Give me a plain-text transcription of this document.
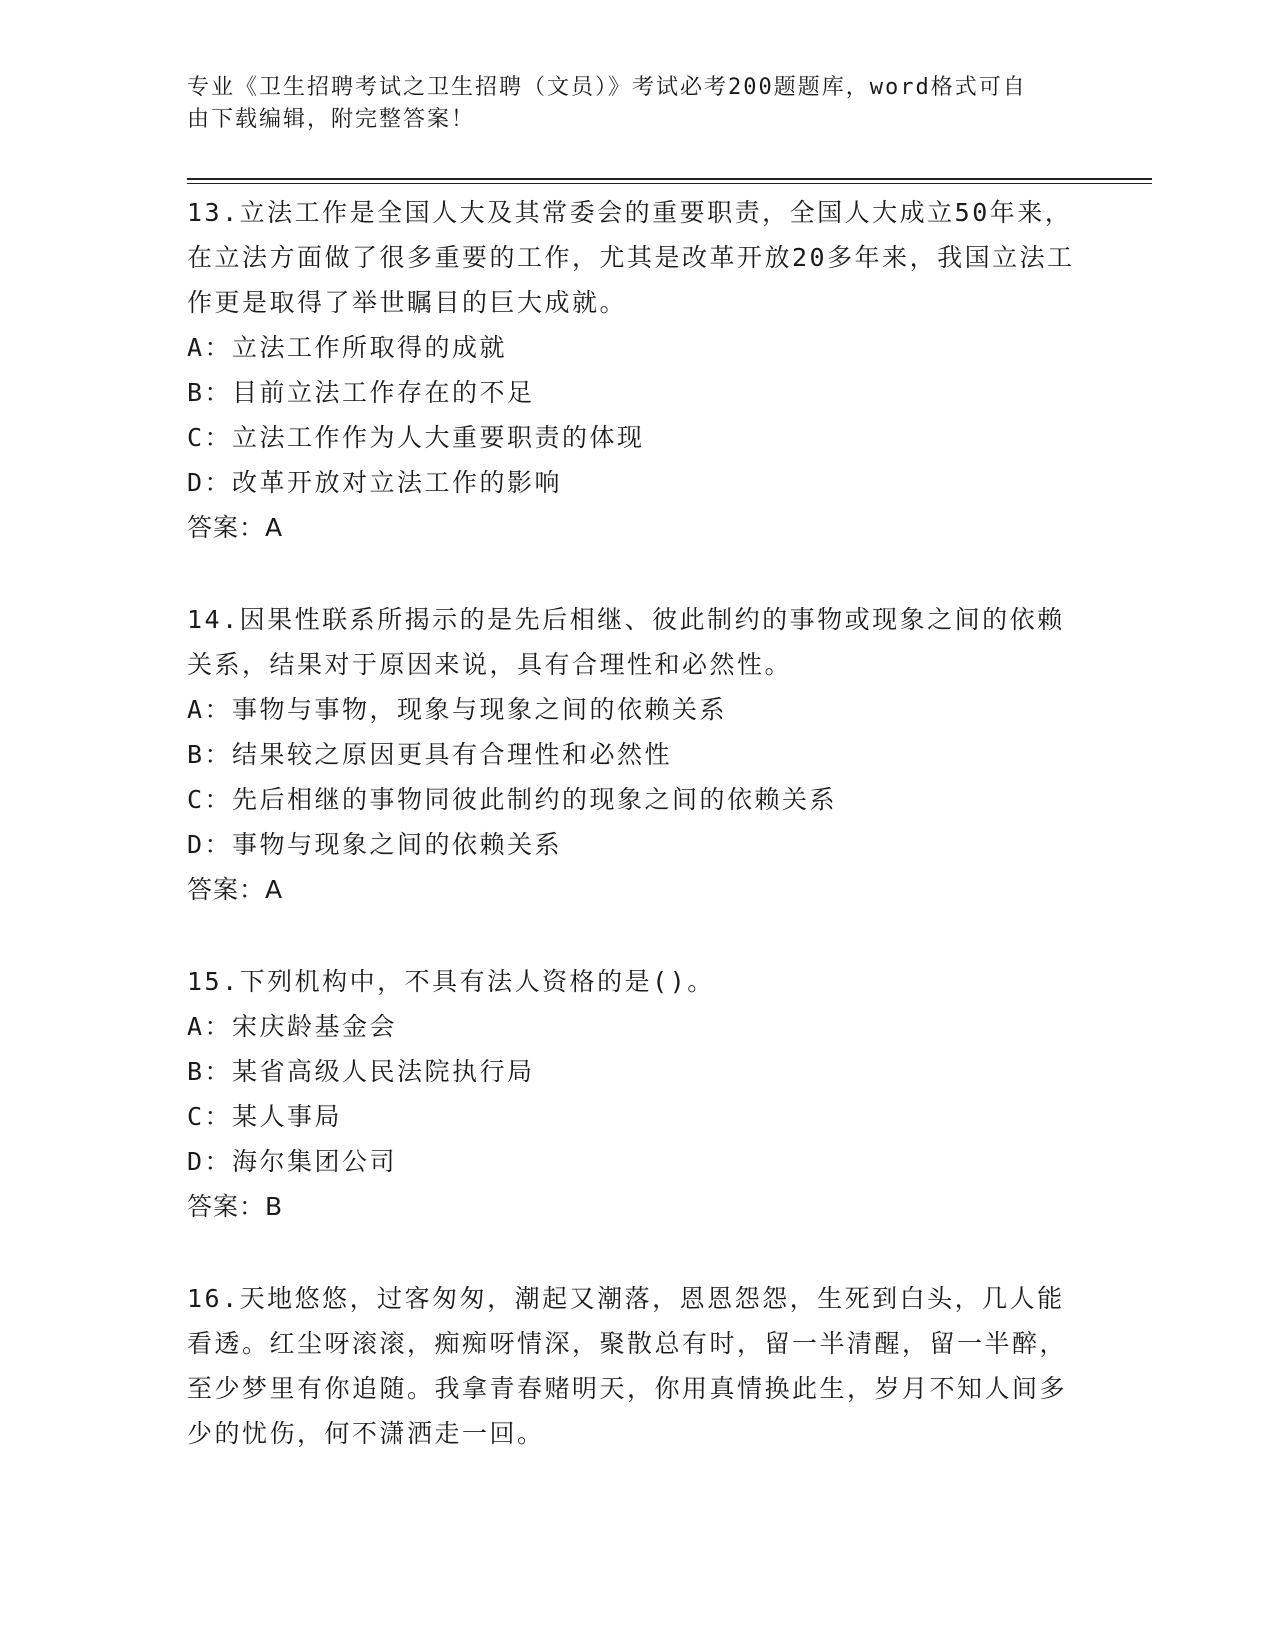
专业《卫生招聘考试之卫生招聘（文员）》考试必考200题题库，word格式可自
由下载编辑，附完整答案！
13.立法工作是全国人大及其常委会的重要职责，全国人大成立50年来，在立法方面做了很多重要的工作，尤其是改革开放20多年来，我国立法工作更是取得了举世瞩目的巨大成就。
A：立法工作所取得的成就
B：目前立法工作存在的不足
C：立法工作作为人大重要职责的体现
D：改革开放对立法工作的影响
答案：A
14.因果性联系所揭示的是先后相继、彼此制约的事物或现象之间的依赖关系，结果对于原因来说，具有合理性和必然性。
A：事物与事物，现象与现象之间的依赖关系
B：结果较之原因更具有合理性和必然性
C：先后相继的事物同彼此制约的现象之间的依赖关系
D：事物与现象之间的依赖关系
答案：A
15.下列机构中，不具有法人资格的是()。
A：宋庆龄基金会
B：某省高级人民法院执行局
C：某人事局
D：海尔集团公司
答案：B
16.天地悠悠，过客匆匆，潮起又潮落，恩恩怨怨，生死到白头，几人能看透。红尘呀滚滚，痴痴呀情深，聚散总有时，留一半清醒，留一半醉，至少梦里有你追随。我拿青春赌明天，你用真情换此生，岁月不知人间多少的忧伤，何不潇洒走一回。
